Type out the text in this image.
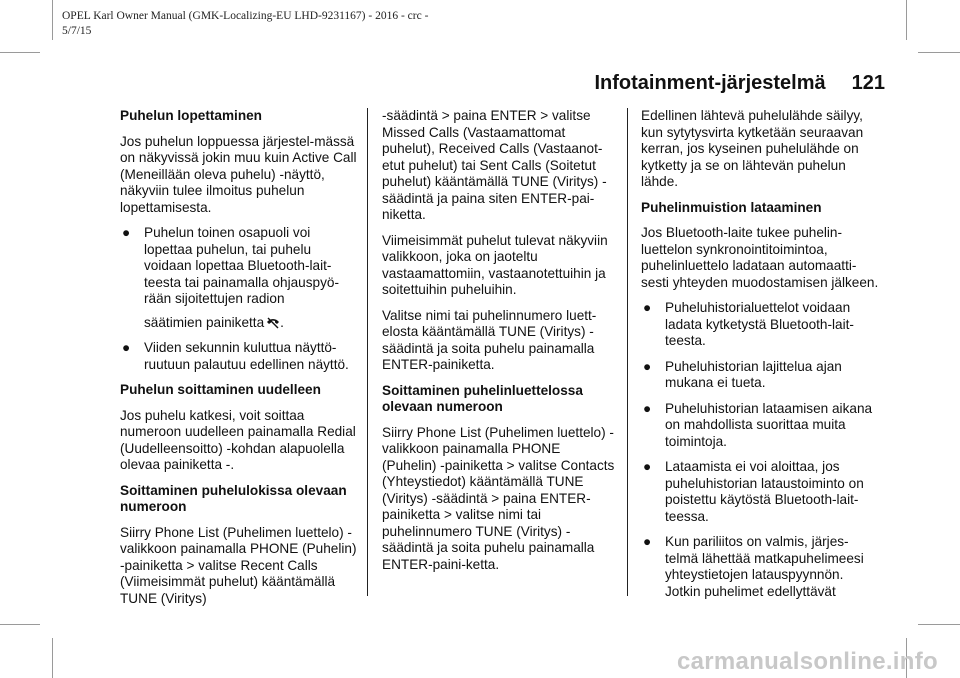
OPEL Karl Owner Manual (GMK-Localizing-EU LHD-9231167) - 2016 - crc -
5/7/15
Infotainment-järjestelmä 121
Puhelun lopettaminen

Jos puhelun loppuessa järjestel-mässä on näkyvissä jokin muu kuin Active Call (Meneillään oleva puhelu) -näyttö, näkyviin tulee ilmoitus puhelun lopettamisesta.

●	Puhelun toinen osapuoli voi lopettaa puhelun, tai puhelu voidaan lopettaa Bluetooth-lait-teesta tai painamalla ohjauspyö-rään sijoitettujen radion

säätimien painiketta .

●	Viiden sekunnin kuluttua näyttö-ruutuun palautuu edellinen näyttö.

Puhelun soittaminen uudelleen

Jos puhelu katkesi, voit soittaa numeroon uudelleen painamalla Redial (Uudelleensoitto) -kohdan alapuolella olevaa painiketta -.

Soittaminen puhelulokissa olevaan numeroon

Siirry Phone List (Puhelimen luettelo) -valikkoon painamalla PHONE (Puhelin) -painiketta > valitse Recent Calls (Viimeisimmät puhelut) kääntämällä TUNE (Viritys)

-säädintä > paina ENTER > valitse Missed Calls (Vastaamattomat puhelut), Received Calls (Vastaanot-etut puhelut) tai Sent Calls (Soitetut puhelut) kääntämällä TUNE (Viritys) -säädintä ja paina siten ENTER-pai-niketta.

Viimeisimmät puhelut tulevat näkyviin valikkoon, joka on jaoteltu vastaamattomiin, vastaanotettuihin ja soitettuihin puheluihin.

Valitse nimi tai puhelinnumero luett-elosta kääntämällä TUNE (Viritys) -säädintä ja soita puhelu painamalla ENTER-painiketta.

Soittaminen puhelinluettelossa olevaan numeroon

Siirry Phone List (Puhelimen luettelo) -valikkoon painamalla PHONE (Puhelin) -painiketta > valitse Contacts (Yhteystiedot) kääntämällä TUNE (Viritys) -säädintä > paina ENTER-painiketta > valitse nimi tai puhelinnumero TUNE (Viritys) -säädintä ja soita puhelu painamalla ENTER-paini-ketta.

Edellinen lähtevä puhelulähde säilyy, kun sytytysvirta kytketään seuraavan kerran, jos kyseinen puhelulähde on kytketty ja se on lähtevän puhelun lähde.

Puhelinmuistion lataaminen

Jos Bluetooth-laite tukee puhelin-luettelon synkronointitoimintoa, puhelinluettelo ladataan automaatti-sesti yhteyden muodostamisen jälkeen.

●	Puheluhistorialuettelot voidaan ladata kytketystä Bluetooth-lait-teesta.

●	Puheluhistorian lajittelua ajan mukana ei tueta.

●	Puheluhistorian lataamisen aikana on mahdollista suorittaa muita toimintoja.

●	Lataamista ei voi aloittaa, jos puheluhistorian lataustoiminto on poistettu käytöstä Bluetooth-lait-teessa.

●	Kun pariliitos on valmis, järjes-telmä lähettää matkapuhelimeesi yhteystietojen latauspyynnön. Jotkin puhelimet edellyttävät

carmanualsonline.info
